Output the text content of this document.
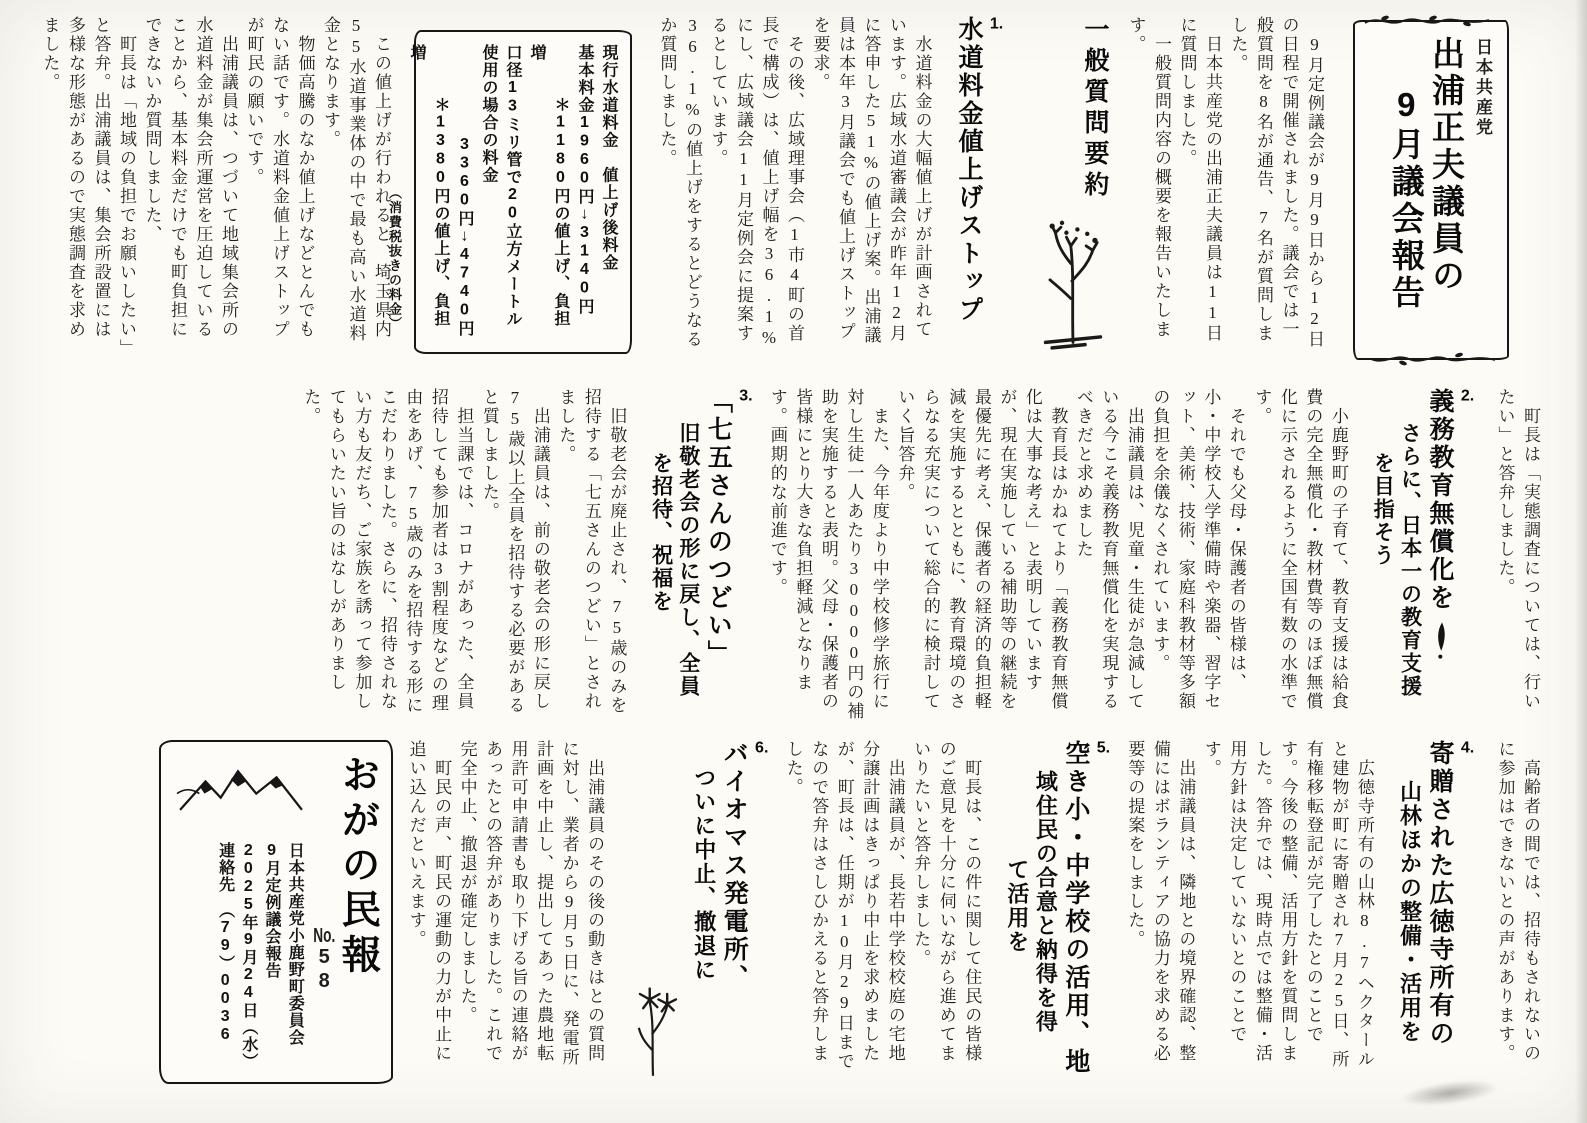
日本共産党
出浦正夫議員の
9月議会報告

　9月定例議会が9月9日から12日の日程で開催されました。議会では一般質問を8名が通告、7名が質問しました。

　日本共産党の出浦正夫議員は11日に質問しました。

　一般質問内容の概要を報告いたします。

一般質問要約
1.
水道料金値上げストップ

　水道料金の大幅値上げが計画されています。広域水道審議会が昨年12月に答申した51%の値上げ案。出浦議員は本年3月議会でも値上げストップを要求。

　その後、広域理事会（1市4町の首長で構成）は、値上げ幅を36.1%にし、広域議会11月定例会に提案するとしています。

36.1%の値上げをするとどうなるか質問しました。

現行水道料金　値上げ後料金

基本料金1960円↓3140円

＊1180円の値上げ、負担増

口径13ミリ管で20立方メートル

使用の場合の料金

3360円↓4740円

＊1380円の値上げ、負担増

（消費税抜きの料金）

　この値上げが行われると、埼玉県内55水道事業体の中で最も高い水道料金となります。

　物価高騰のなか値上げなどとんでもない話です。水道料金値上げストップが町民の願いです。

　出浦議員は、つづいて地域集会所の水道料金が集会所運営を圧迫していることから、基本料金だけでも町負担にできないか質問しました、

　町長は「地域の負担でお願いしたい」と答弁。出浦議員は、集会所設置には多様な形態があるので実態調査を求めました。

　町長は「実態調査については、行いたい」と答弁しました。

2.
義務教育無償化を
さらに、日本一の教育支援
を目指そう

　小鹿野町の子育て、教育支援は給食費の完全無償化・教材費等のほぼ無償化に示されるように全国有数の水準です。

　それでも父母・保護者の皆様は、小・中学校入学準備時や楽器、習字セット、美術、技術、家庭科教材等多額の負担を余儀なくされています。

　出浦議員は、児童・生徒が急減している今こそ義務教育無償化を実現するべきだと求めました

　教育長はかねてより「義務教育無償化は大事な考え」と表明していますが、現在実施している補助等の継続を最優先に考え、保護者の経済的負担軽減を実施するとともに、教育環境のさらなる充実について総合的に検討していく旨答弁。

　また、今年度より中学校修学旅行に対し生徒一人あたり30000円の補助を実施すると表明。父母・保護者の皆様にとり大きな負担軽減となります。画期的な前進です。

3.
「七五さんのつどい」
旧敬老会の形に戻し、全員
を招待、祝福を

　旧敬老会が廃止され、75歳のみを招待する「七五さんのつどい」とされました。

　出浦議員は、前の敬老会の形に戻し75歳以上全員を招待する必要があると質しました。

　担当課では、コロナがあった、全員招待しても参加者は3割程度などの理由をあげ、75歳のみを招待する形にこだわりました。さらに、招待されない方も友だち、ご家族を誘って参加してもらいたい旨のはなしがありました。

　高齢者の間では、招待もされないのに参加はできないとの声があります。

4.
寄贈された広徳寺所有の
山林ほかの整備・活用を

　広徳寺所有の山林8.7ヘクタールと建物が町に寄贈され7月25日、所有権移転登記が完了したとのことです。今後の整備、活用方針を質問しました。答弁では、現時点では整備・活用方針は決定していないとのことです。

　出浦議員は、隣地との境界確認、整備にはボランティアの協力を求める必要等の提案をしました。

5.
空き小・中学校の活用、地
域住民の合意と納得を得
て活用を

　町長は、この件に関して住民の皆様のご意見を十分に伺いながら進めてまいりたいと答弁しました。

　出浦議員が、長若中学校校庭の宅地分譲計画はきっぱり中止を求めましたが、町長は、任期が10月29日までなので答弁はさしひかえると答弁しました。

6.
バイオマス発電所、
ついに中止、撤退に

　出浦議員のその後の動きはとの質問に対し、業者から9月5日に、発電所計画を中止し、提出してあった農地転用許可申請書も取り下げる旨の連絡があったとの答弁がありました。これで完全中止、撤退が確定しました。

　町民の声、町民の運動の力が中止に追い込んだといえます。

おがの民報
No.58

日本共産党小鹿野町委員会

9月定例議会報告

2025年9月24日（水）

連絡先　（79）0036
